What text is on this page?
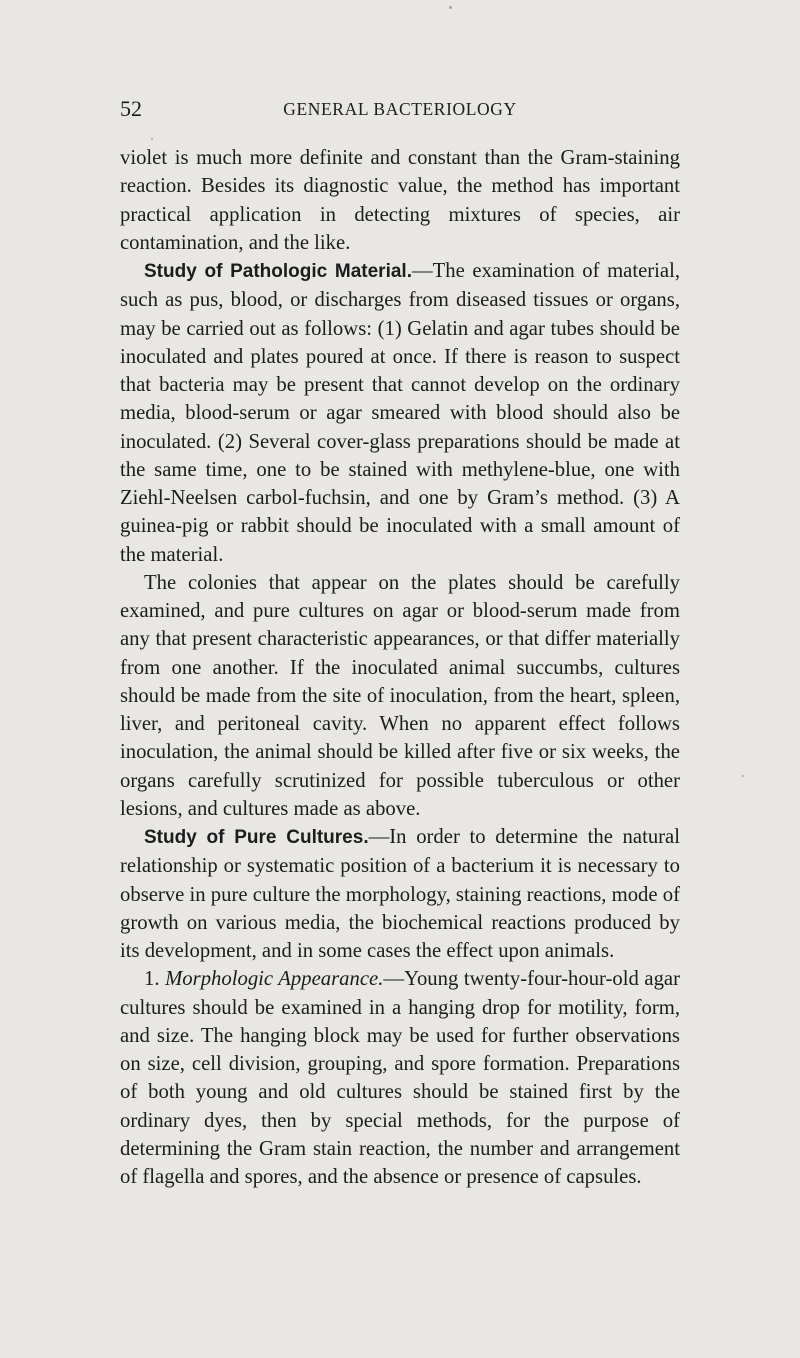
52	GENERAL BACTERIOLOGY

violet is much more definite and constant than the Gram-staining reaction. Besides its diagnostic value, the method has important practical application in detecting mixtures of species, air contamination, and the like.

Study of Pathologic Material.—The examination of material, such as pus, blood, or discharges from diseased tissues or organs, may be carried out as follows: (1) Gelatin and agar tubes should be inoculated and plates poured at once. If there is reason to suspect that bacteria may be present that cannot develop on the ordinary media, blood-serum or agar smeared with blood should also be inoculated. (2) Several cover-glass preparations should be made at the same time, one to be stained with methylene-blue, one with Ziehl-Neelsen carbol-fuchsin, and one by Gram’s method. (3) A guinea-pig or rabbit should be inoculated with a small amount of the material.

The colonies that appear on the plates should be carefully examined, and pure cultures on agar or blood-serum made from any that present characteristic appearances, or that differ materially from one another. If the inoculated animal succumbs, cultures should be made from the site of inoculation, from the heart, spleen, liver, and peritoneal cavity. When no apparent effect follows inoculation, the animal should be killed after five or six weeks, the organs carefully scrutinized for possible tuberculous or other lesions, and cultures made as above.

Study of Pure Cultures.—In order to determine the natural relationship or systematic position of a bacterium it is necessary to observe in pure culture the morphology, staining reactions, mode of growth on various media, the biochemical reactions produced by its development, and in some cases the effect upon animals.

1. Morphologic Appearance.—Young twenty-four-hour-old agar cultures should be examined in a hanging drop for motility, form, and size. The hanging block may be used for further observations on size, cell division, grouping, and spore formation. Preparations of both young and old cultures should be stained first by the ordinary dyes, then by special methods, for the purpose of determining the Gram stain reaction, the number and arrangement of flagella and spores, and the absence or presence of capsules.
